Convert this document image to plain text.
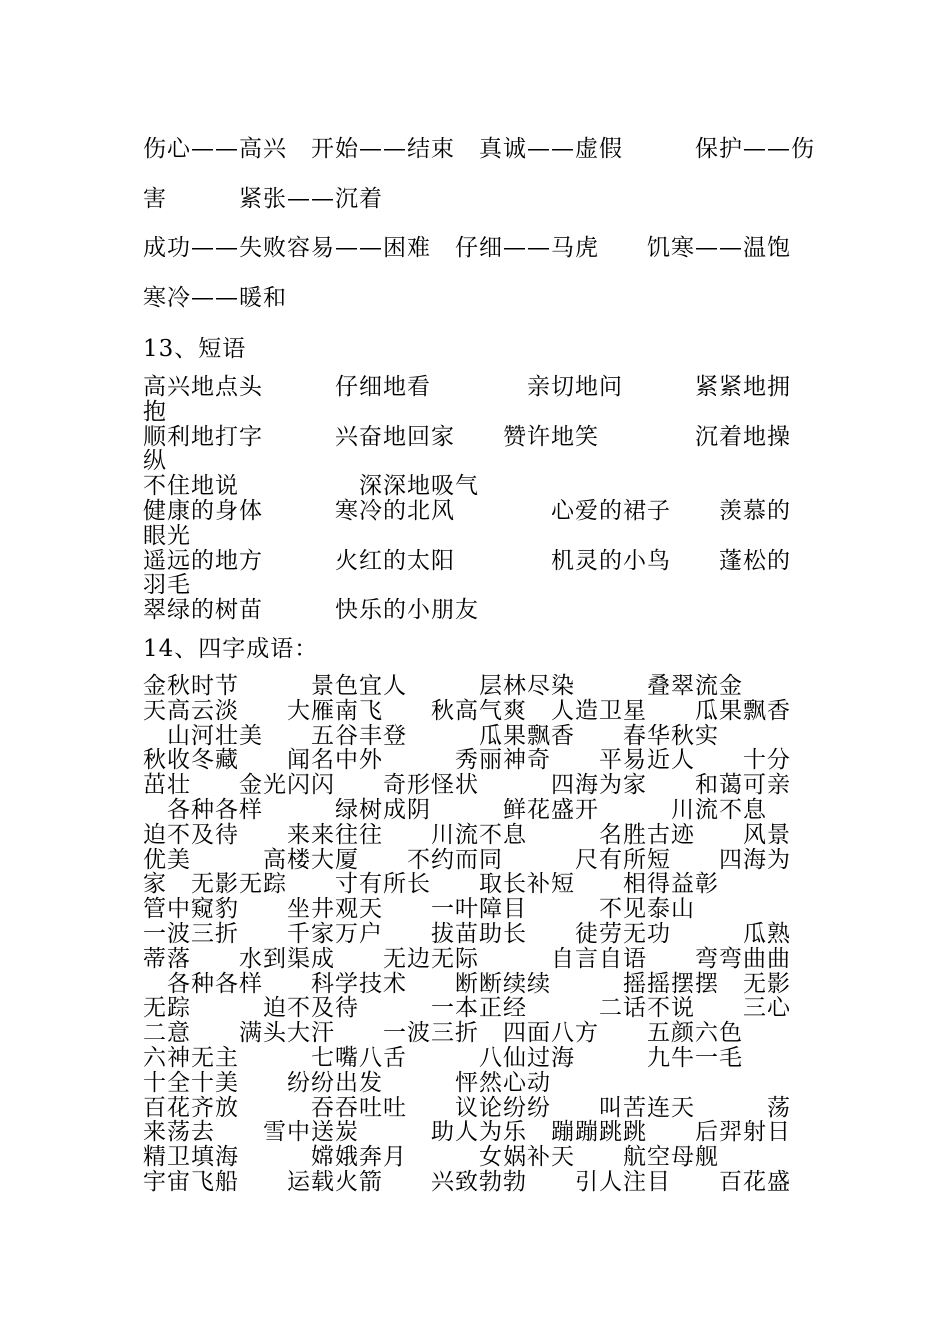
伤心——高兴　开始——结束　真诚——虚假　　　保护——伤
害　　　紧张——沉着
成功——失败容易——困难　仔细——马虎　　饥寒——温饱
寒冷——暖和
13、短语
高兴地点头　　　仔细地看　　　　亲切地问　　　紧紧地拥
抱
顺利地打字　　　兴奋地回家　　赞许地笑　　　　沉着地操
纵
不住地说　　　　　深深地吸气
健康的身体　　　寒冷的北风　　　　心爱的裙子　　羡慕的
眼光
遥远的地方　　　火红的太阳　　　　机灵的小鸟　　蓬松的
羽毛
翠绿的树苗　　　快乐的小朋友
14、四字成语：
金秋时节　　　景色宜人　　　层林尽染　　　叠翠流金
天高云淡　　大雁南飞　　秋高气爽　人造卫星　　瓜果飘香
　山河壮美　　五谷丰登　　　瓜果飘香　　春华秋实
秋收冬藏　　闻名中外　　　秀丽神奇　　平易近人　　十分
茁壮　　金光闪闪　　奇形怪状　　　四海为家　　和蔼可亲
　各种各样　　　绿树成阴　　　鲜花盛开　　　川流不息
迫不及待　　来来往往　　川流不息　　　名胜古迹　　风景
优美　　　高楼大厦　　不约而同　　　尺有所短　　四海为
家　无影无踪　　寸有所长　　取长补短　　相得益彰
管中窥豹　　坐井观天　　一叶障目　　　不见泰山
一波三折　　千家万户　　拔苗助长　　徒劳无功　　　瓜熟
蒂落　　水到渠成　　无边无际　　　自言自语　　弯弯曲曲
　各种各样　　科学技术　　断断续续　　　摇摇摆摆　无影
无踪　　　迫不及待　　　一本正经　　　二话不说　　三心
二意　　满头大汗　　一波三折　四面八方　　五颜六色
六神无主　　　七嘴八舌　　　八仙过海　　　九牛一毛
十全十美　　纷纷出发　　　怦然心动
百花齐放　　　吞吞吐吐　　议论纷纷　　叫苦连天　　　荡
来荡去　　雪中送炭　　　助人为乐　蹦蹦跳跳　　后羿射日
精卫填海　　　嫦娥奔月　　　女娲补天　　航空母舰
宇宙飞船　　运载火箭　　兴致勃勃　　引人注目　　百花盛
